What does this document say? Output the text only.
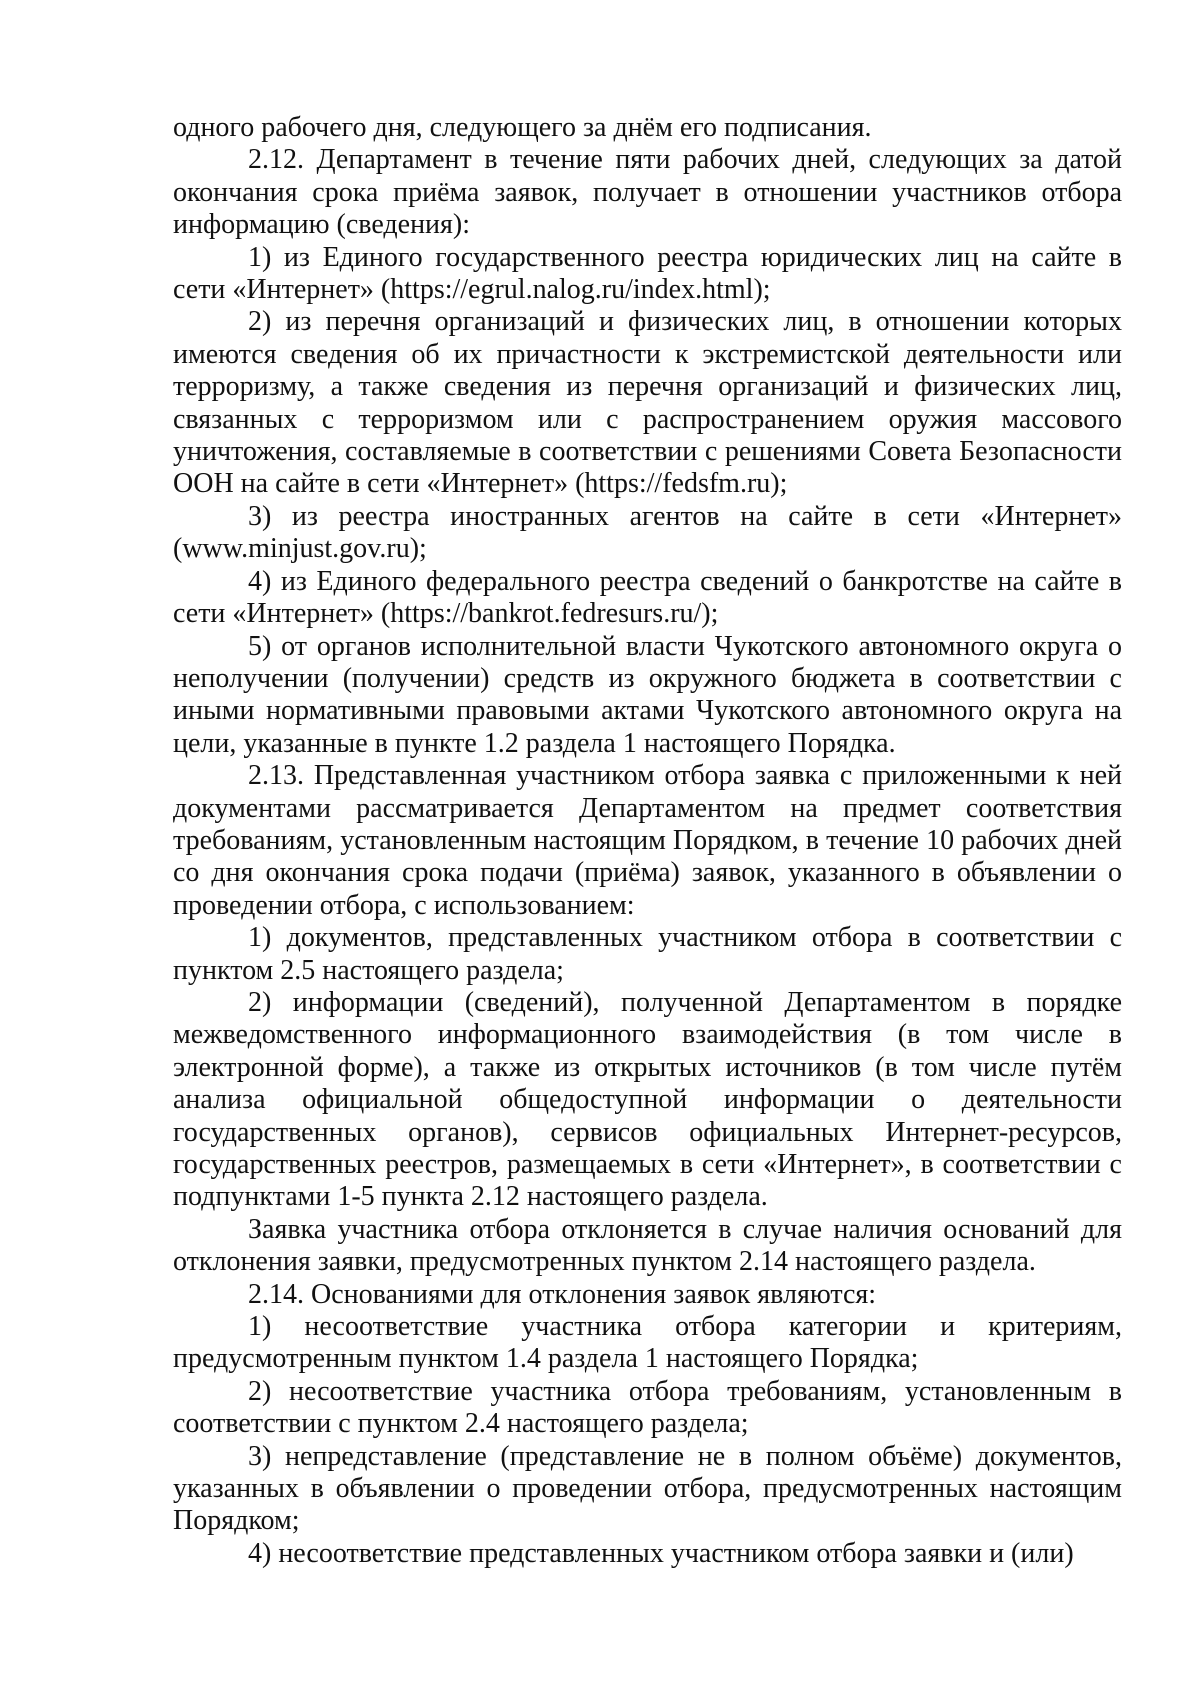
одного рабочего дня, следующего за днём его подписания.

2.12. Департамент в течение пяти рабочих дней, следующих за датой окончания срока приёма заявок, получает в отношении участников отбора информацию (сведения):

1) из Единого государственного реестра юридических лиц на сайте в сети «Интернет» (https://egrul.nalog.ru/index.html);

2) из перечня организаций и физических лиц, в отношении которых имеются сведения об их причастности к экстремистской деятельности или терроризму, а также сведения из перечня организаций и физических лиц, связанных с терроризмом или с распространением оружия массового уничтожения, составляемые в соответствии с решениями Совета Безопасности ООН на сайте в сети «Интернет» (https://fedsfm.ru);

3) из реестра иностранных агентов на сайте в сети «Интернет» (www.minjust.gov.ru);

4) из Единого федерального реестра сведений о банкротстве на сайте в сети «Интернет» (https://bankrot.fedresurs.ru/);

5) от органов исполнительной власти Чукотского автономного округа о неполучении (получении) средств из окружного бюджета в соответствии с иными нормативными правовыми актами Чукотского автономного округа на цели, указанные в пункте 1.2 раздела 1 настоящего Порядка.

2.13. Представленная участником отбора заявка с приложенными к ней документами рассматривается Департаментом на предмет соответствия требованиям, установленным настоящим Порядком, в течение 10 рабочих дней со дня окончания срока подачи (приёма) заявок, указанного в объявлении о проведении отбора, с использованием:

1) документов, представленных участником отбора в соответствии с пунктом 2.5 настоящего раздела;

2) информации (сведений), полученной Департаментом в порядке межведомственного информационного взаимодействия (в том числе в электронной форме), а также из открытых источников (в том числе путём анализа официальной общедоступной информации о деятельности государственных органов), сервисов официальных Интернет-ресурсов, государственных реестров, размещаемых в сети «Интернет», в соответствии с подпунктами 1-5 пункта 2.12 настоящего раздела.

Заявка участника отбора отклоняется в случае наличия оснований для отклонения заявки, предусмотренных пунктом 2.14 настоящего раздела.

2.14. Основаниями для отклонения заявок являются:

1) несоответствие участника отбора категории и критериям, предусмотренным пунктом 1.4 раздела 1 настоящего Порядка;

2) несоответствие участника отбора требованиям, установленным в соответствии с пунктом 2.4 настоящего раздела;

3) непредставление (представление не в полном объёме) документов, указанных в объявлении о проведении отбора, предусмотренных настоящим Порядком;

4) несоответствие представленных участником отбора заявки и (или)
